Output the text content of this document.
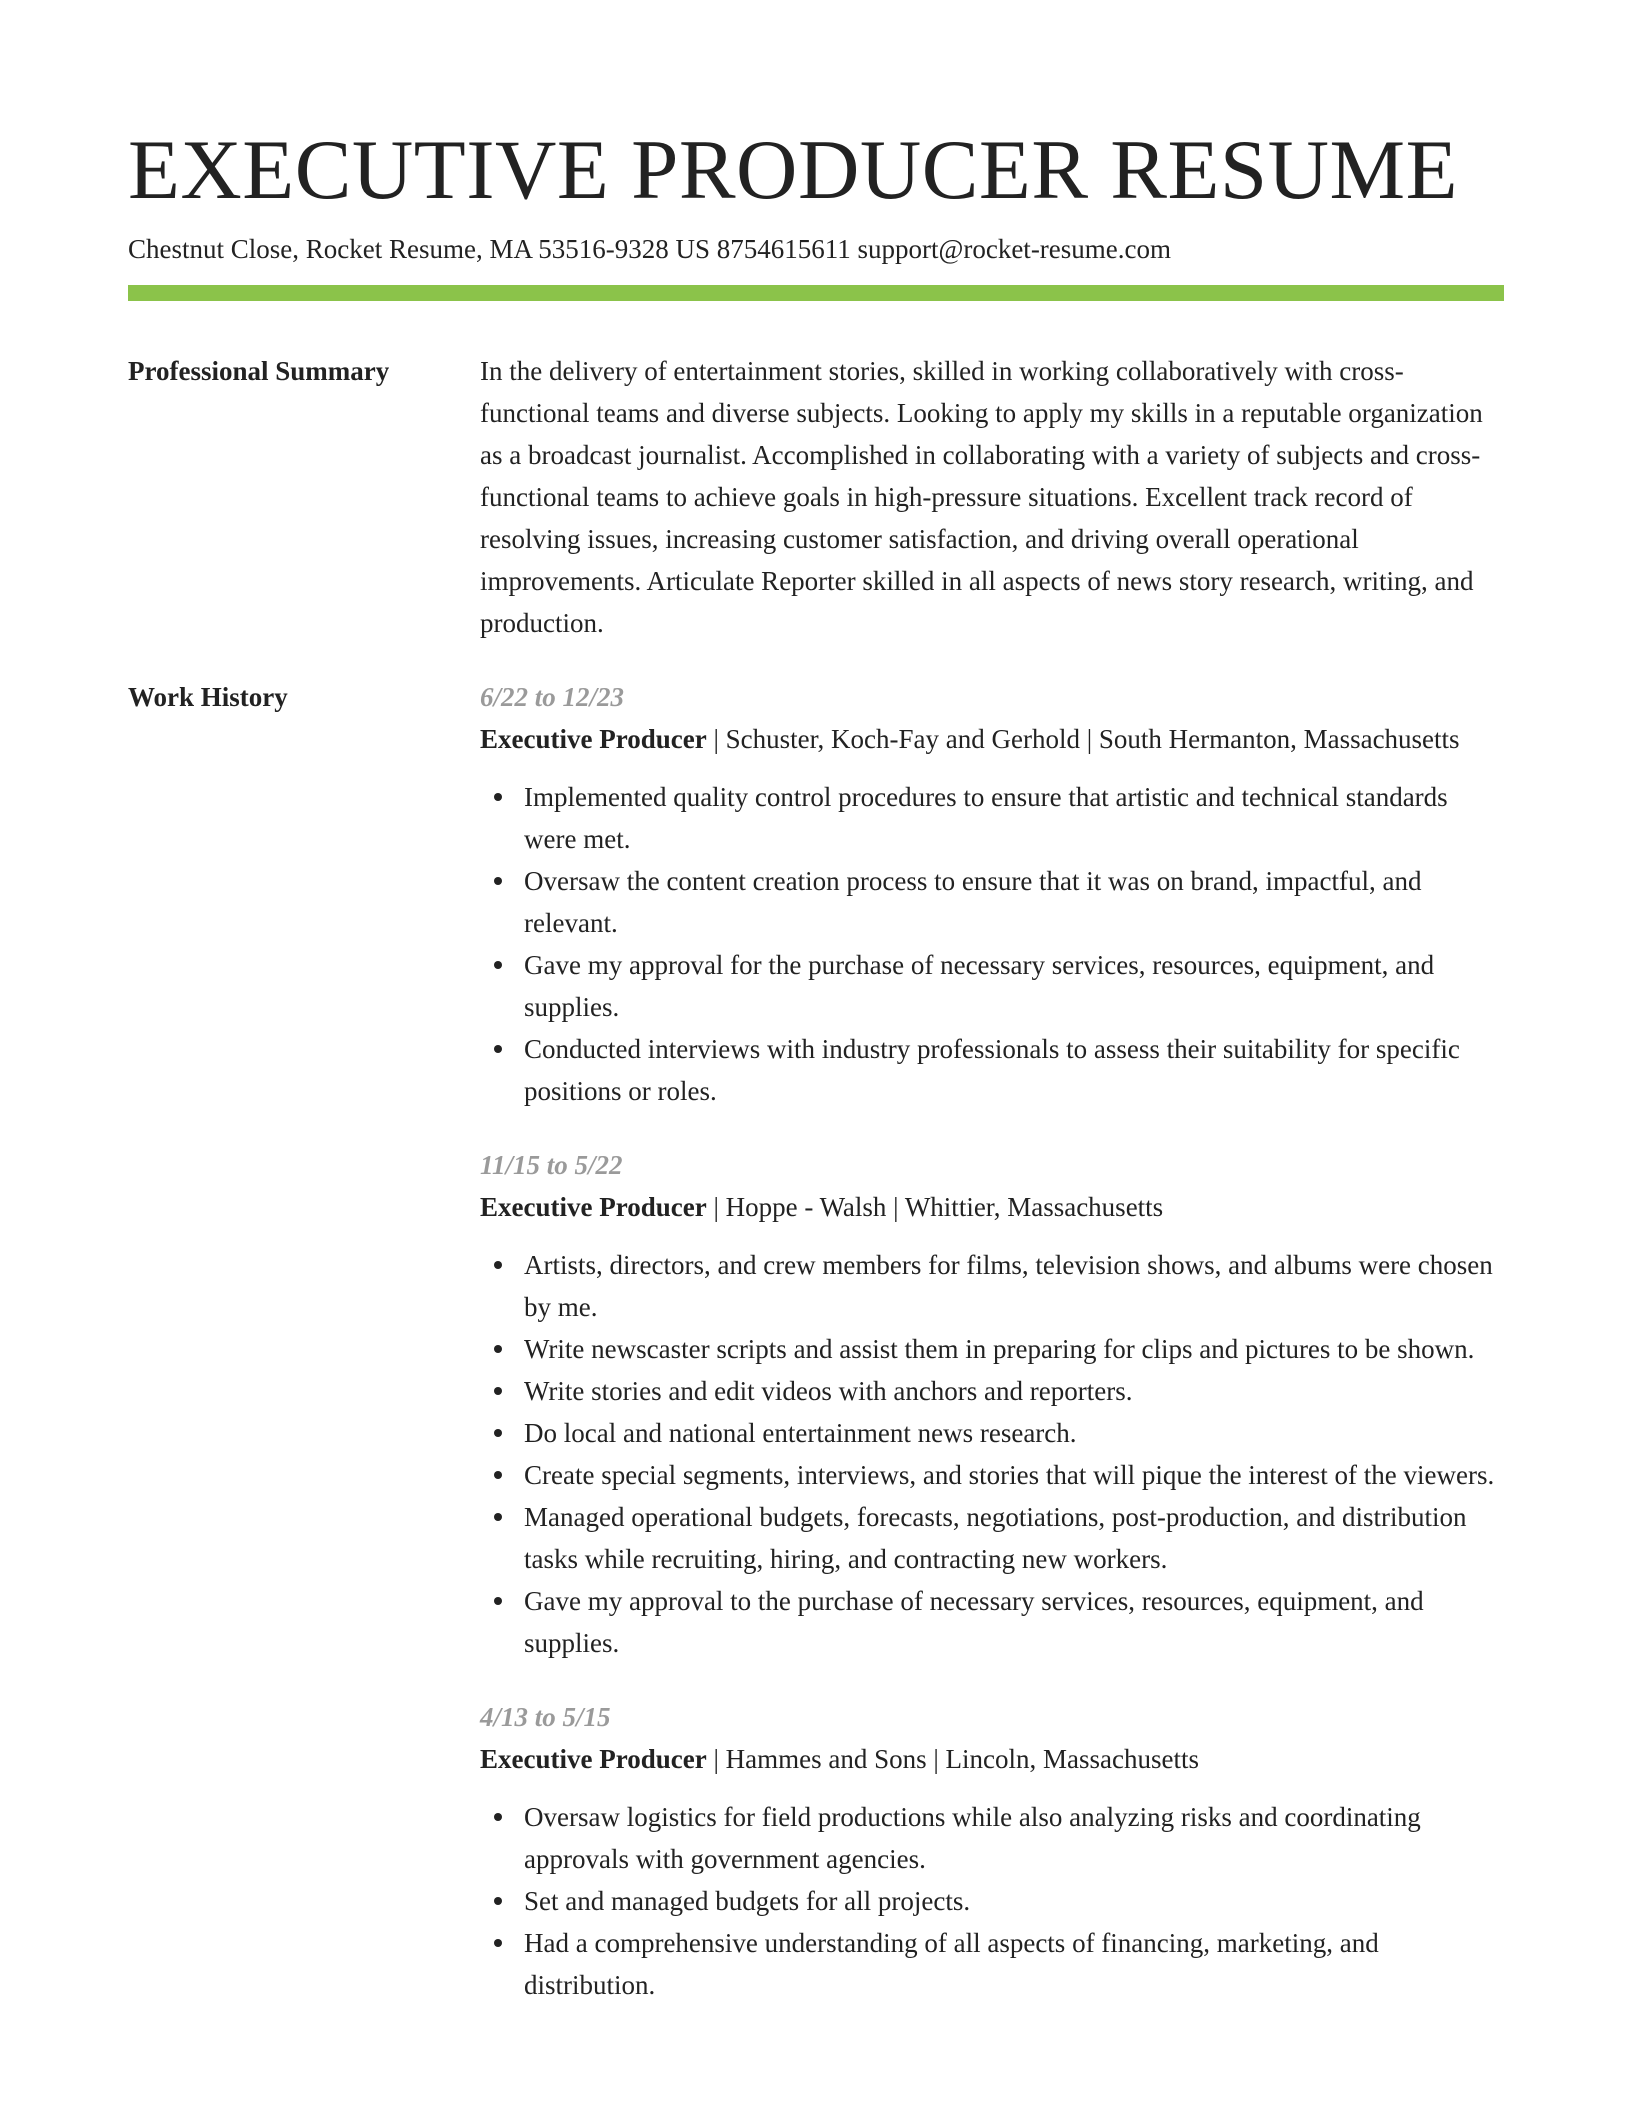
EXECUTIVE PRODUCER RESUME
Chestnut Close, Rocket Resume, MA 53516-9328 US 8754615611 support@rocket-resume.com
Professional Summary	In the delivery of entertainment stories, skilled in working collaboratively with cross-functional teams and diverse subjects. Looking to apply my skills in a reputable organization as a broadcast journalist. Accomplished in collaborating with a variety of subjects and cross-functional teams to achieve goals in high-pressure situations. Excellent track record of resolving issues, increasing customer satisfaction, and driving overall operational improvements. Articulate Reporter skilled in all aspects of news story research, writing, and production.

Work History	6/22 to 12/23
Executive Producer | Schuster, Koch-Fay and Gerhold | South Hermanton, Massachusetts
Implemented quality control procedures to ensure that artistic and technical standards were met.
Oversaw the content creation process to ensure that it was on brand, impactful, and relevant.
Gave my approval for the purchase of necessary services, resources, equipment, and supplies.
Conducted interviews with industry professionals to assess their suitability for specific positions or roles.
11/15 to 5/22
Executive Producer | Hoppe - Walsh | Whittier, Massachusetts
Artists, directors, and crew members for films, television shows, and albums were chosen by me.
Write newscaster scripts and assist them in preparing for clips and pictures to be shown.
Write stories and edit videos with anchors and reporters.
Do local and national entertainment news research.
Create special segments, interviews, and stories that will pique the interest of the viewers.
Managed operational budgets, forecasts, negotiations, post-production, and distribution tasks while recruiting, hiring, and contracting new workers.
Gave my approval to the purchase of necessary services, resources, equipment, and supplies.
4/13 to 5/15
Executive Producer | Hammes and Sons | Lincoln, Massachusetts
Oversaw logistics for field productions while also analyzing risks and coordinating approvals with government agencies.
Set and managed budgets for all projects.
Had a comprehensive understanding of all aspects of financing, marketing, and distribution.
